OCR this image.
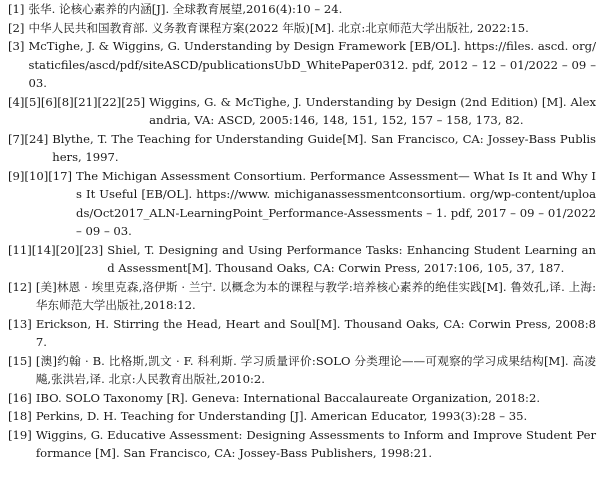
[1] 张华. 论核心素养的内涵[J]. 全球教育展望,2016(4):10 – 24.
[2] 中华人民共和国教育部. 义务教育课程方案(2022 年版)[M]. 北京:北京师范大学出版社, 2022:15.
[3] McTighe, J. & Wiggins, G. Understanding by Design Framework [EB/OL]. https://files. ascd. org/staticfiles/ascd/pdf/siteASCD/publicationsUbD_WhitePaper0312. pdf, 2012 – 12 – 01/2022 – 09 – 03.
[4][5][6][8][21][22][25] Wiggins, G. & McTighe, J. Understanding by Design (2nd Edition) [M]. Alexandria, VA: ASCD, 2005:146, 148, 151, 152, 157 – 158, 173, 82.
[7][24] Blythe, T. The Teaching for Understanding Guide[M]. San Francisco, CA: Jossey-Bass Publishers, 1997.
[9][10][17] The Michigan Assessment Consortium. Performance Assessment— What Is It and Why Is It Useful [EB/OL]. https://www. michiganassessmentconsortium. org/wp-content/uploads/Oct2017_ALN-LearningPoint_Performance-Assessments – 1. pdf, 2017 – 09 – 01/2022 – 09 – 03.
[11][14][20][23] Shiel, T. Designing and Using Performance Tasks: Enhancing Student Learning and Assessment[M]. Thousand Oaks, CA: Corwin Press, 2017:106, 105, 37, 187.
[12] [美]林恩 · 埃里克森,洛伊斯 · 兰宁. 以概念为本的课程与教学:培养核心素养的绝佳实践[M]. 鲁效孔,译. 上海:华东师范大学出版社,2018:12.
[13] Erickson, H. Stirring the Head, Heart and Soul[M]. Thousand Oaks, CA: Corwin Press, 2008:87.
[15] [澳]约翰 · B. 比格斯,凯文 · F. 科利斯. 学习质量评价:SOLO 分类理论——可观察的学习成果结构[M]. 高凌飚,张洪岩,译. 北京:人民教育出版社,2010:2.
[16] IBO. SOLO Taxonomy [R]. Geneva: International Baccalaureate Organization, 2018:2.
[18] Perkins, D. H. Teaching for Understanding [J]. American Educator, 1993(3):28 – 35.
[19] Wiggins, G. Educative Assessment: Designing Assessments to Inform and Improve Student Performance [M]. San Francisco, CA: Jossey-Bass Publishers, 1998:21.
